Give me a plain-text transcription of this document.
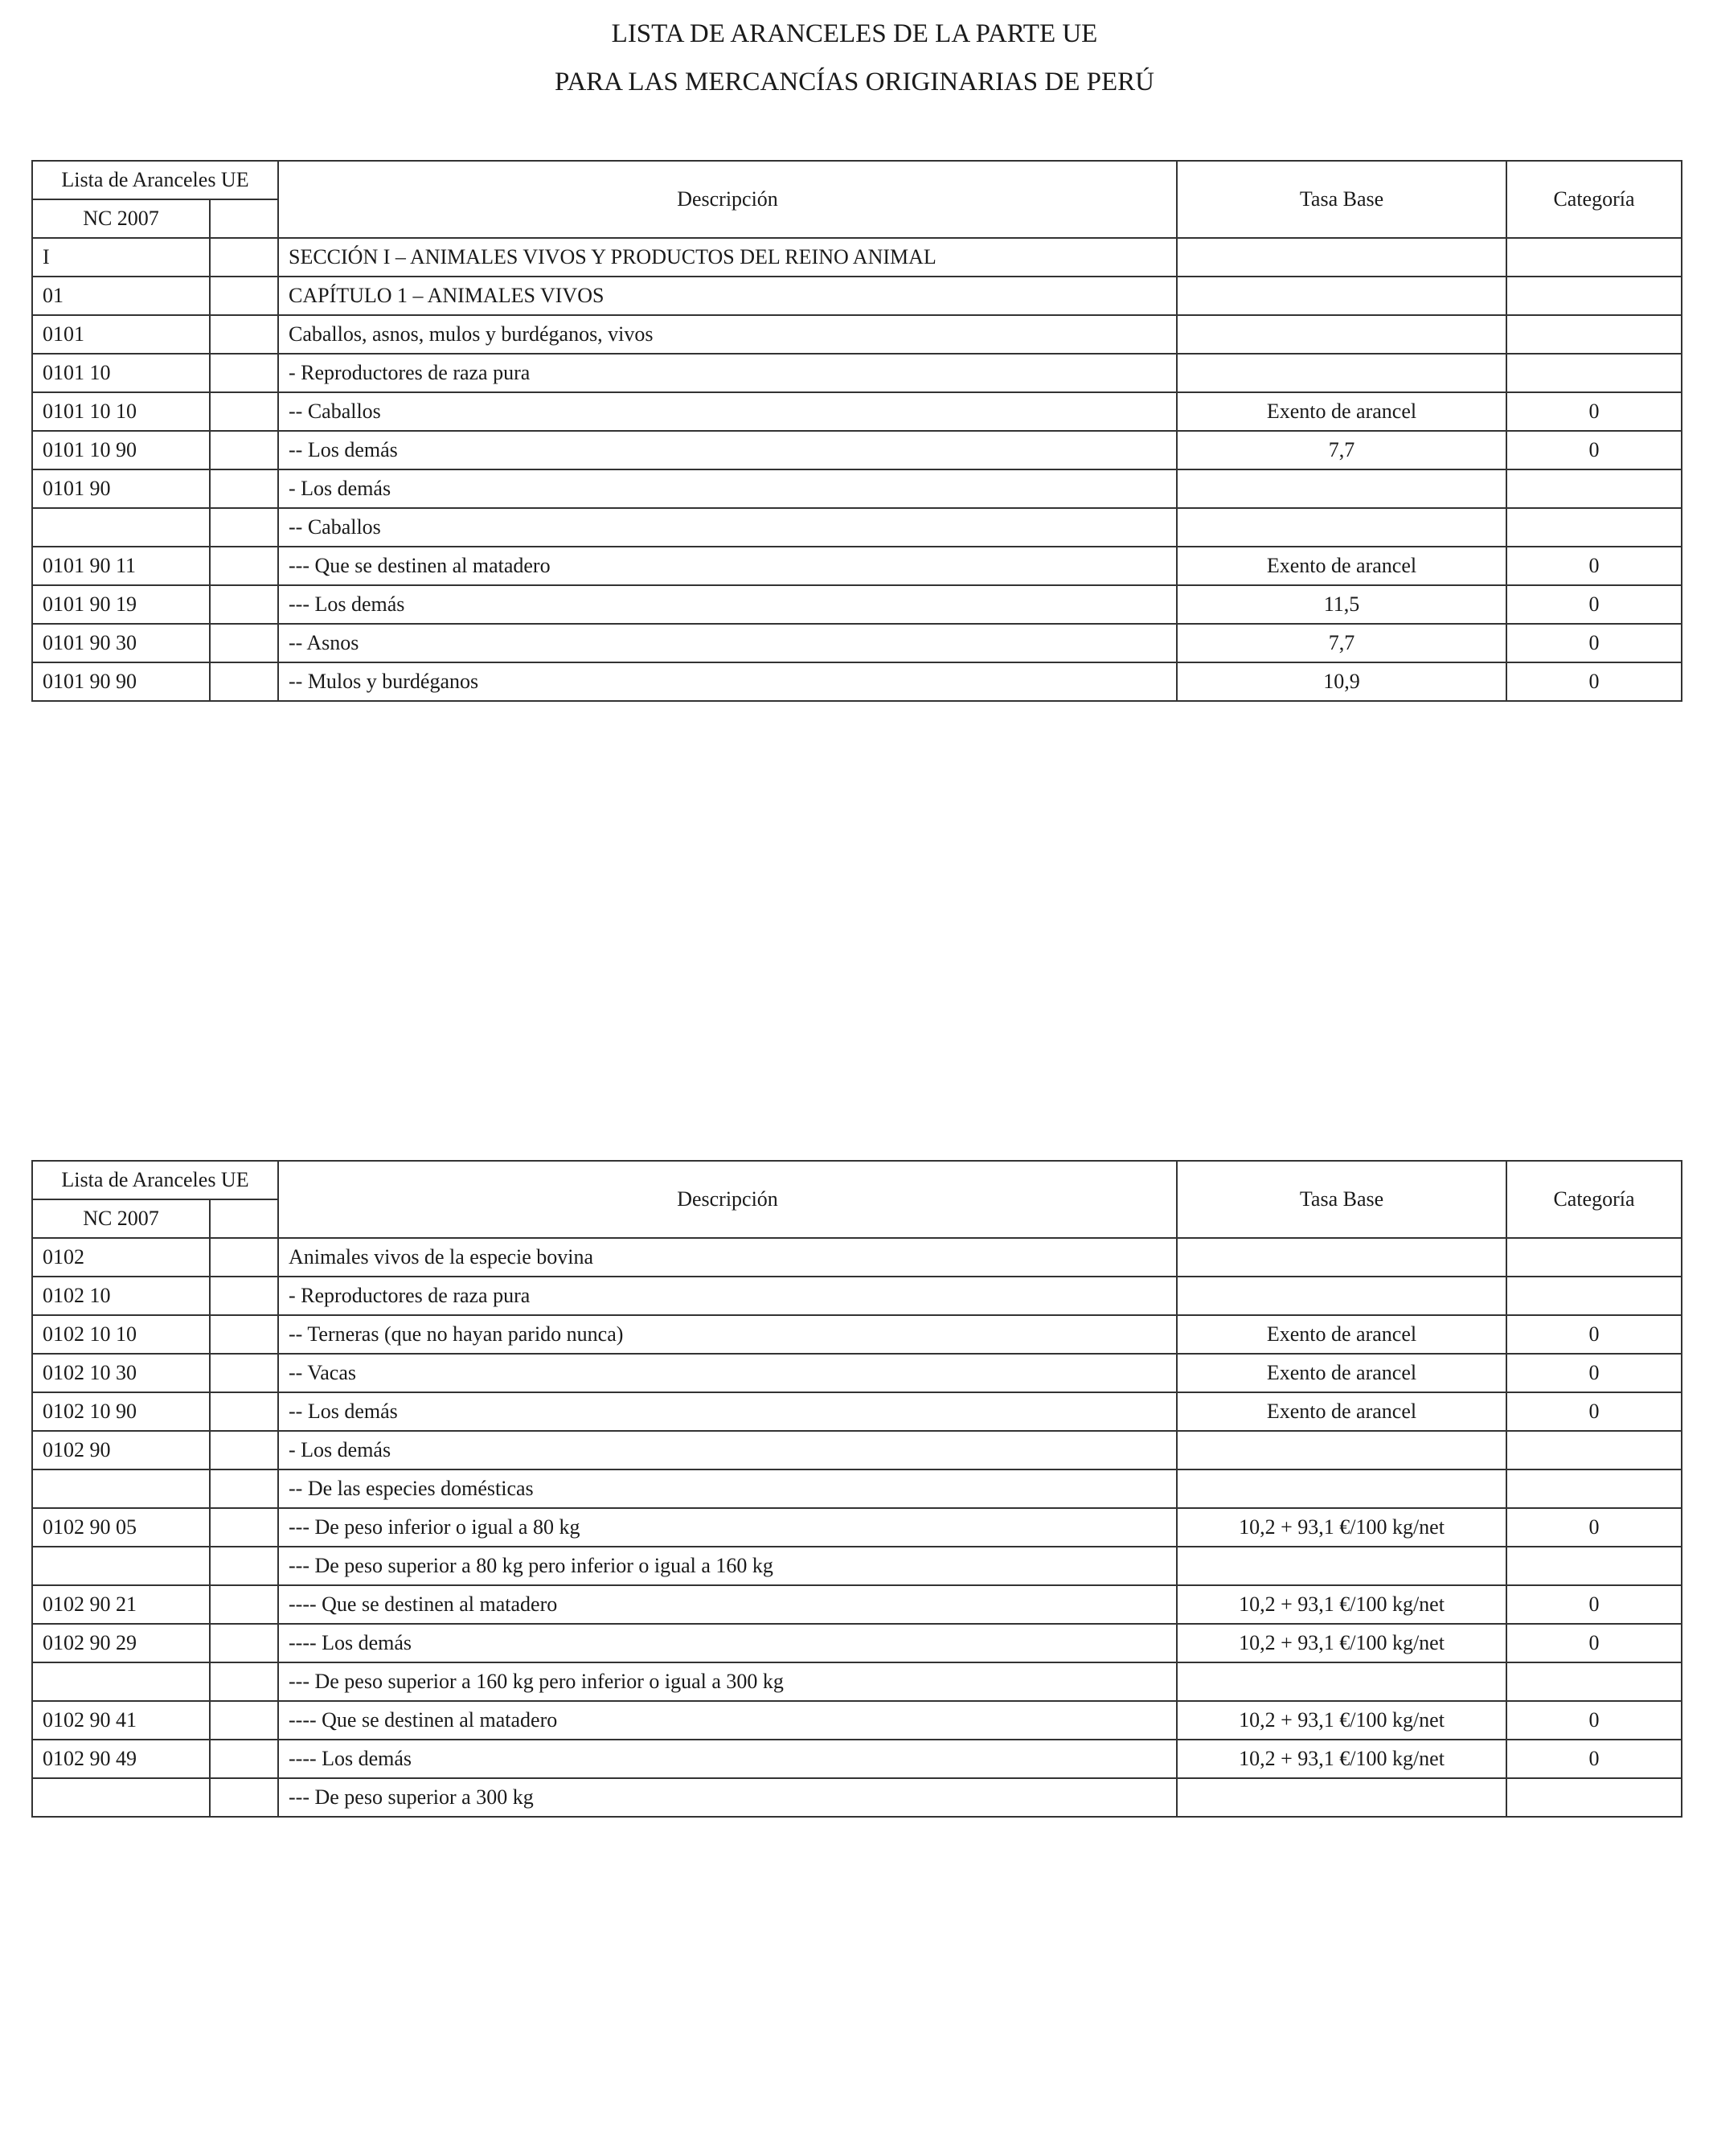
LISTA DE ARANCELES DE LA PARTE UE
PARA LAS MERCANCÍAS ORIGINARIAS DE PERÚ
Lista de Aranceles UE		Descripción	Tasa Base	Categoría
NC 2007				
I		SECCIÓN I – ANIMALES VIVOS Y PRODUCTOS DEL REINO ANIMAL		
01		CAPÍTULO 1 – ANIMALES VIVOS		
0101		Caballos, asnos, mulos y burdéganos, vivos		
0101 10		- Reproductores de raza pura		
0101 10 10		-- Caballos	Exento de arancel	0
0101 10 90		-- Los demás	7,7	0
0101 90		- Los demás		
		-- Caballos		
0101 90 11		--- Que se destinen al matadero	Exento de arancel	0
0101 90 19		--- Los demás	11,5	0
0101 90 30		-- Asnos	7,7	0
0101 90 90		-- Mulos y burdéganos	10,9	0
Lista de Aranceles UE		Descripción	Tasa Base	Categoría
NC 2007				
0102		Animales vivos de la especie bovina		
0102 10		- Reproductores de raza pura		
0102 10 10		-- Terneras (que no hayan parido nunca)	Exento de arancel	0
0102 10 30		-- Vacas	Exento de arancel	0
0102 10 90		-- Los demás	Exento de arancel	0
0102 90		- Los demás		
		-- De las especies domésticas		
0102 90 05		--- De peso inferior o igual a 80 kg	10,2 + 93,1 €/100 kg/net	0
		--- De peso superior a 80 kg pero inferior o igual a 160 kg		
0102 90 21		---- Que se destinen al matadero	10,2 + 93,1 €/100 kg/net	0
0102 90 29		---- Los demás	10,2 + 93,1 €/100 kg/net	0
		--- De peso superior a 160 kg pero inferior o igual a 300 kg		
0102 90 41		---- Que se destinen al matadero	10,2 + 93,1 €/100 kg/net	0
0102 90 49		---- Los demás	10,2 + 93,1 €/100 kg/net	0
		--- De peso superior a 300 kg		
